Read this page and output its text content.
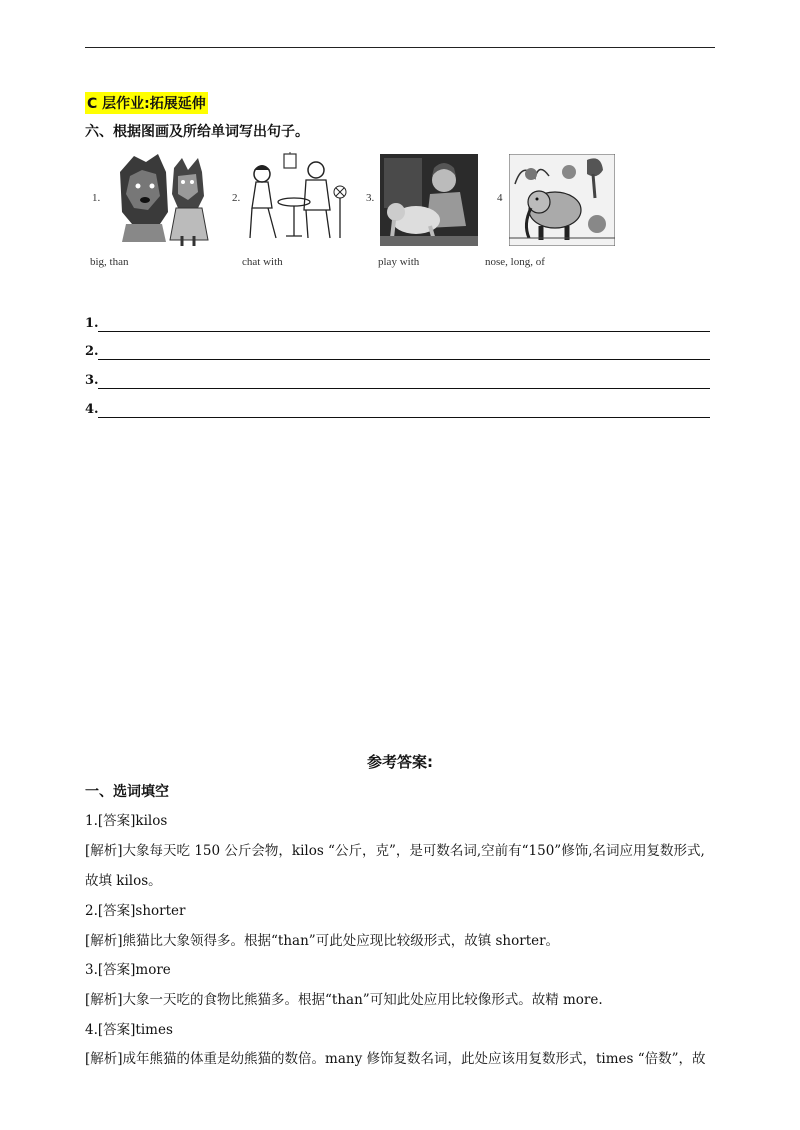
C 层作业:拓展延伸
六、根据图画及所给单词写出句子。
1.
big, than
2.
chat with
3.
play with
4
nose, long, of
1.
2.
3.
4.
参考答案:
一、选词填空
1.[答案]kilos
[解析]大象每天吃 150 公斤会物，kilos “公斤，克”，是可数名词,空前有“150”修饰,名词应用复数形式,
故填 kilos。
2.[答案]shorter
[解析]熊猫比大象领得多。根据“than”可此处应现比较级形式，故镇 shorter。
3.[答案]more
[解析]大象一天吃的食物比熊猫多。根据“than”可知此处应用比较像形式。故精 more.
4.[答案]times
[解析]成年熊猫的体重是幼熊猫的数倍。many 修饰复数名词，此处应该用复数形式，times “倍数”，故
